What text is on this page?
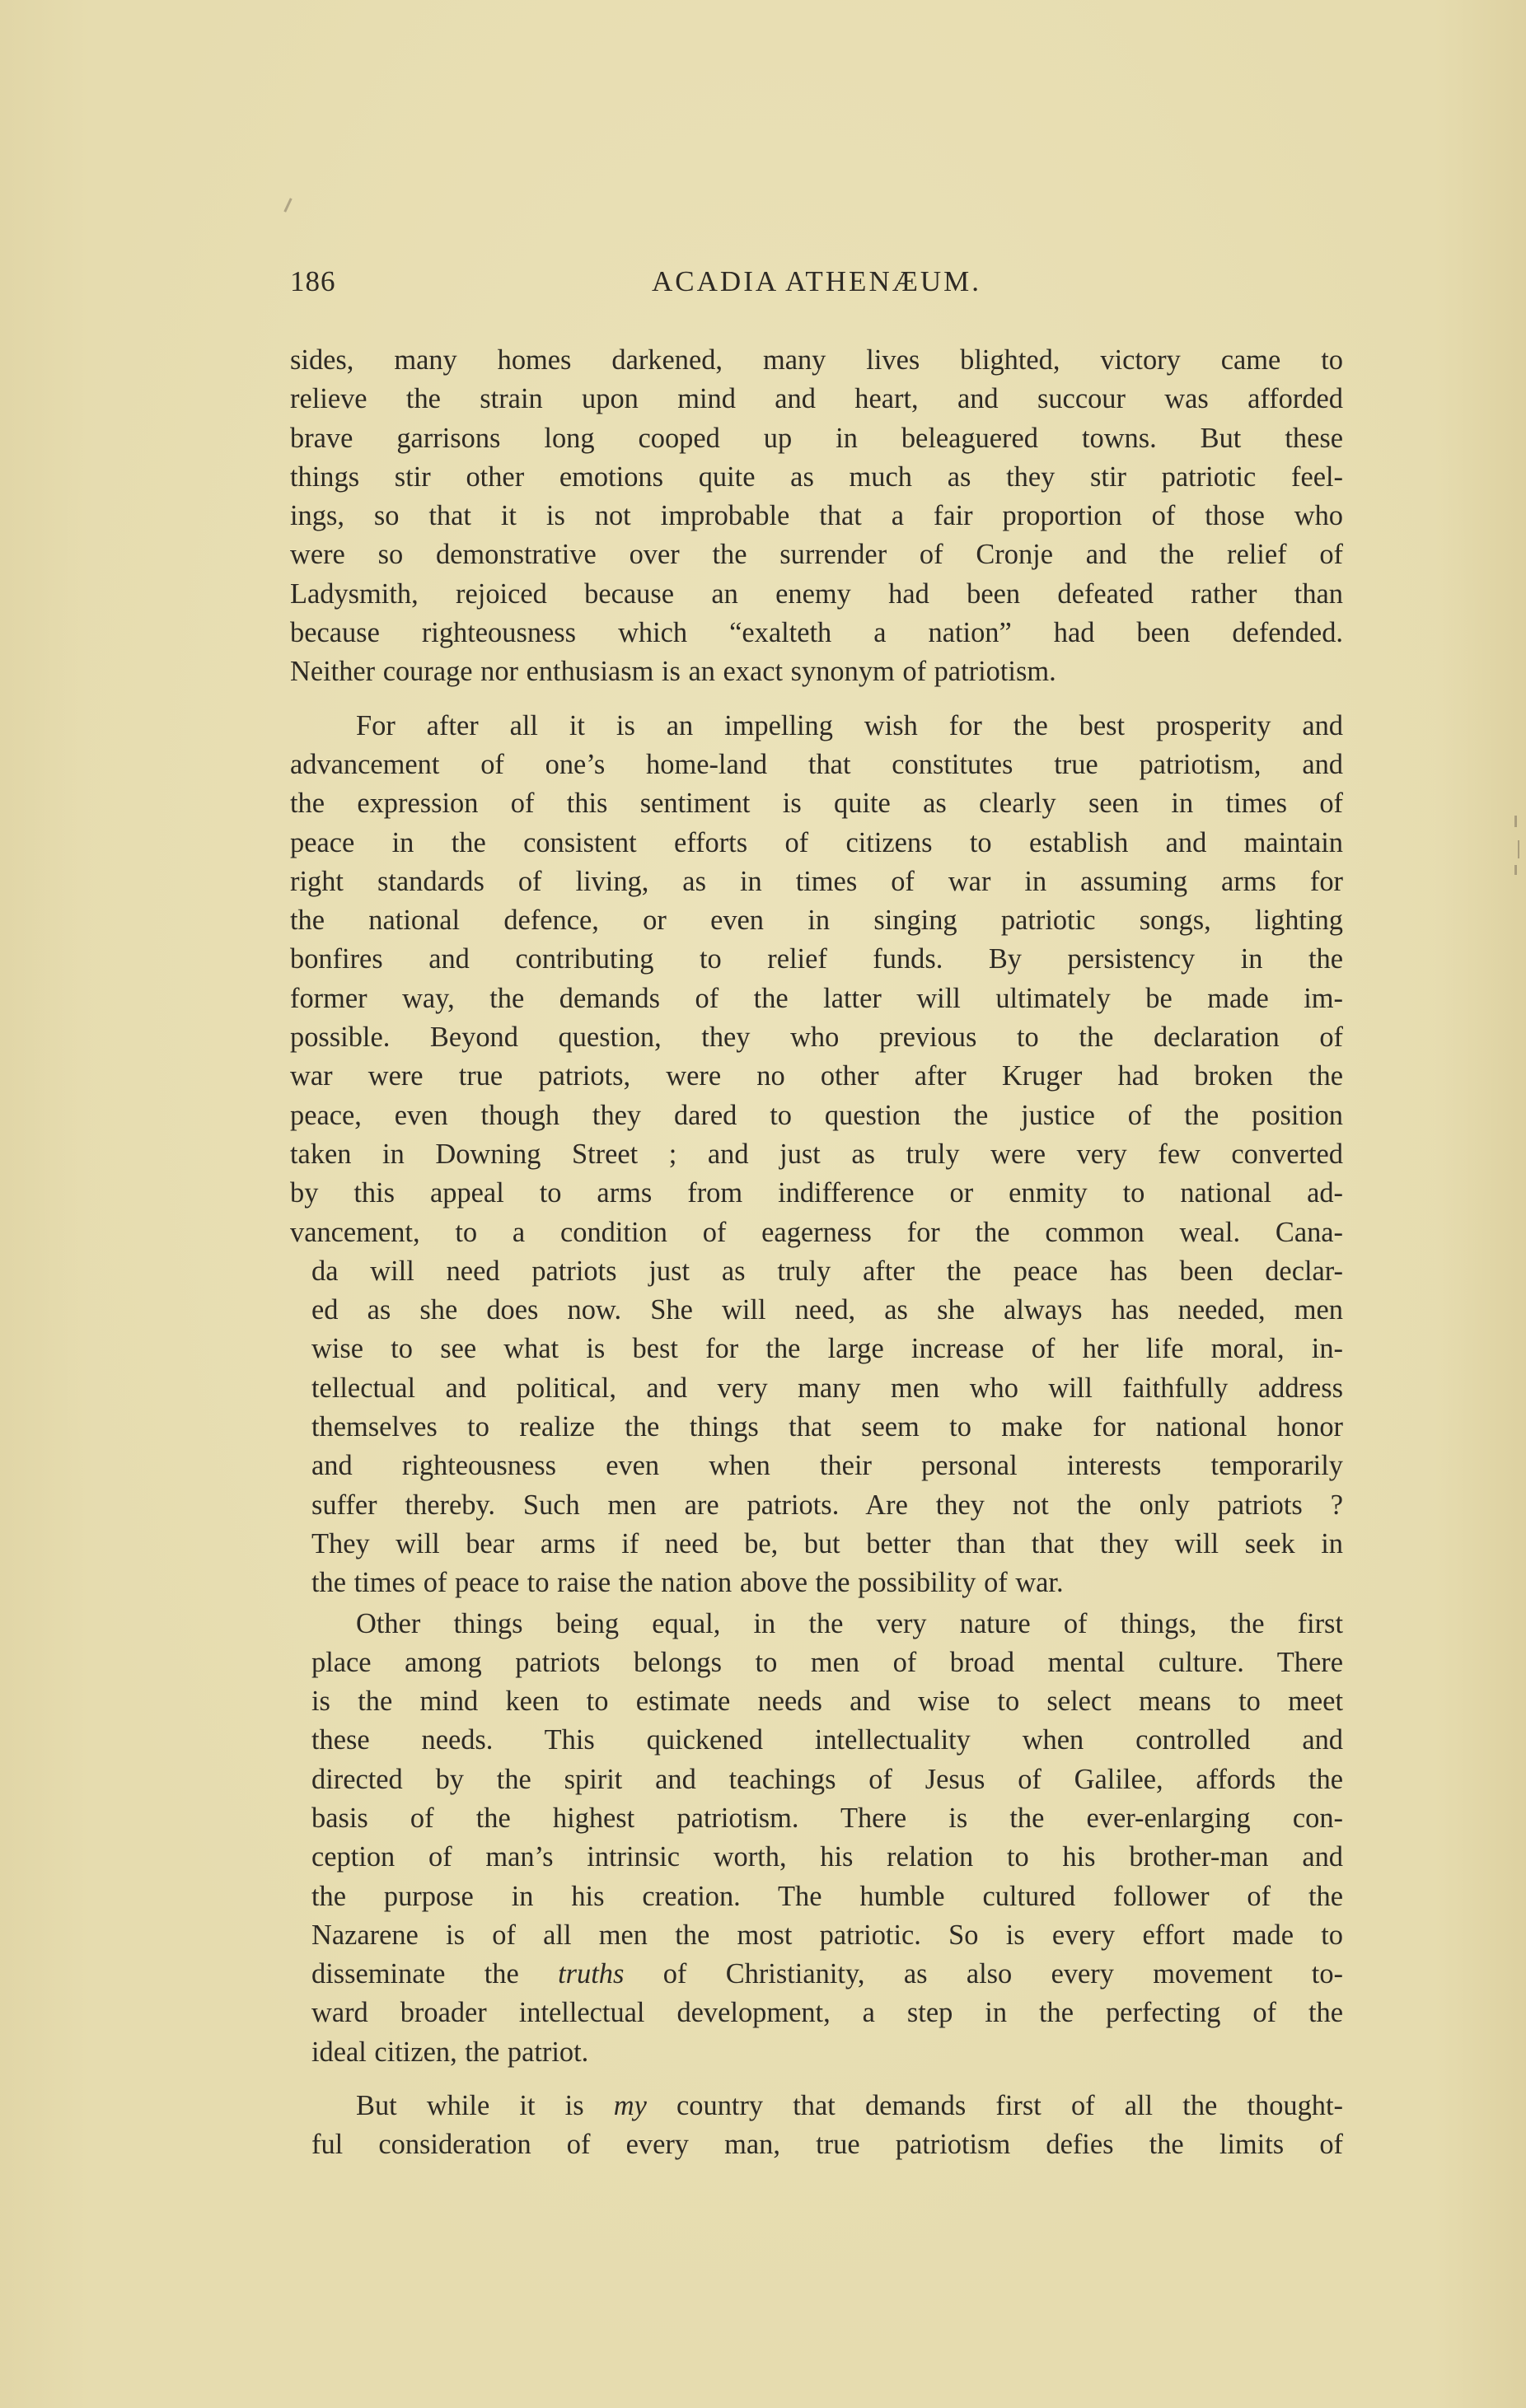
186	ACADIA ATHENÆUM.

sides, many homes darkened, many lives blighted, victory came to
relieve the strain upon mind and heart, and succour was afforded
brave garrisons long cooped up in beleaguered towns. But these
things stir other emotions quite as much as they stir patriotic feel-
ings, so that it is not improbable that a fair proportion of those who
were so demonstrative over the surrender of Cronje and the relief of
Ladysmith, rejoiced because an enemy had been defeated rather than
because righteousness which “exalteth a nation” had been defended.
Neither courage nor enthusiasm is an exact synonym of patriotism.

For after all it is an impelling wish for the best prosperity and
advancement of one’s home-land that constitutes true patriotism, and
the expression of this sentiment is quite as clearly seen in times of
peace in the consistent efforts of citizens to establish and maintain
right standards of living, as in times of war in assuming arms for
the national defence, or even in singing patriotic songs, lighting
bonfires and contributing to relief funds. By persistency in the
former way, the demands of the latter will ultimately be made im-
possible. Beyond question, they who previous to the declaration of
war were true patriots, were no other after Kruger had broken the
peace, even though they dared to question the justice of the position
taken in Downing Street ; and just as truly were very few converted
by this appeal to arms from indifference or enmity to national ad-
vancement, to a condition of eagerness for the common weal. Cana-
da will need patriots just as truly after the peace has been declar-
ed as she does now. She will need, as she always has needed, men
wise to see what is best for the large increase of her life moral, in-
tellectual and political, and very many men who will faithfully address
themselves to realize the things that seem to make for national honor
and righteousness even when their personal interests temporarily
suffer thereby. Such men are patriots. Are they not the only patriots ?
They will bear arms if need be, but better than that they will seek in
the times of peace to raise the nation above the possibility of war.

Other things being equal, in the very nature of things, the first
place among patriots belongs to men of broad mental culture. There
is the mind keen to estimate needs and wise to select means to meet
these needs. This quickened intellectuality when controlled and
directed by the spirit and teachings of Jesus of Galilee, affords the
basis of the highest patriotism. There is the ever-enlarging con-
ception of man’s intrinsic worth, his relation to his brother-man and
the purpose in his creation. The humble cultured follower of the
Nazarene is of all men the most patriotic. So is every effort made to
disseminate the truths of Christianity, as also every movement to-
ward broader intellectual development, a step in the perfecting of the
ideal citizen, the patriot.

But while it is my country that demands first of all the thought-
ful consideration of every man, true patriotism defies the limits of
